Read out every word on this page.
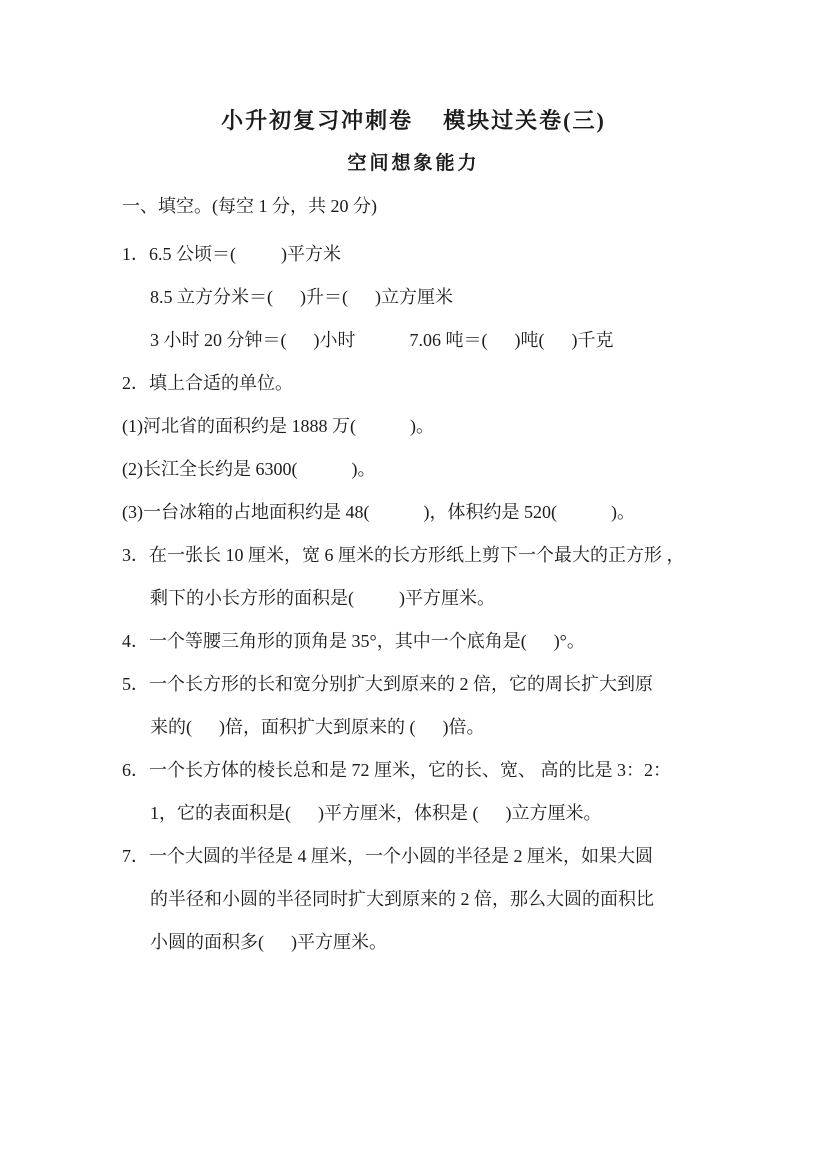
小升初复习冲刺卷    模块过关卷(三)
空间想象能力
一、填空。(每空 1 分，共 20 分)
1．6.5 公顷＝(          )平方米
8.5 立方分米＝(      )升＝(      )立方厘米
3 小时 20 分钟＝(      )小时            7.06 吨＝(      )吨(      )千克
2．填上合适的单位。
(1)河北省的面积约是 1888 万(            )。
(2)长江全长约是 6300(            )。
(3)一台冰箱的占地面积约是 48(            )，体积约是 520(            )。
3．在一张长 10 厘米，宽 6 厘米的长方形纸上剪下一个最大的正方形 ，
剩下的小长方形的面积是(          )平方厘米。
4．一个等腰三角形的顶角是 35°，其中一个底角是(      )°。
5．一个长方形的长和宽分别扩大到原来的 2 倍，它的周长扩大到原
来的(      )倍，面积扩大到原来的 (      )倍。
6．一个长方体的棱长总和是 72 厘米，它的长、宽、 高的比是 3：2：
1，它的表面积是(      )平方厘米，体积是 (      )立方厘米。
7．一个大圆的半径是 4 厘米，一个小圆的半径是 2 厘米，如果大圆
的半径和小圆的半径同时扩大到原来的 2 倍，那么大圆的面积比
小圆的面积多(      )平方厘米。
